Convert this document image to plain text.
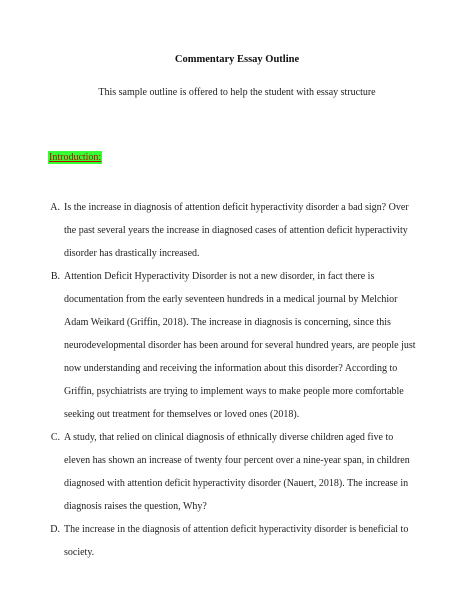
Commentary Essay Outline
This sample outline is offered to help the student with essay structure
Introduction:
A. Is the increase in diagnosis of attention deficit hyperactivity disorder a bad sign? Over the past several years the increase in diagnosed cases of attention deficit hyperactivity disorder has drastically increased.
B. Attention Deficit Hyperactivity Disorder is not a new disorder, in fact there is documentation from the early seventeen hundreds in a medical journal by Melchior Adam Weikard (Griffin, 2018). The increase in diagnosis is concerning, since this neurodevelopmental disorder has been around for several hundred years, are people just now understanding and receiving the information about this disorder? According to Griffin, psychiatrists are trying to implement ways to make people more comfortable seeking out treatment for themselves or loved ones (2018).
C. A study, that relied on clinical diagnosis of ethnically diverse children aged five to eleven has shown an increase of twenty four percent over a nine-year span, in children diagnosed with attention deficit hyperactivity disorder (Nauert, 2018). The increase in diagnosis raises the question, Why?
D. The increase in the diagnosis of attention deficit hyperactivity disorder is beneficial to society.
